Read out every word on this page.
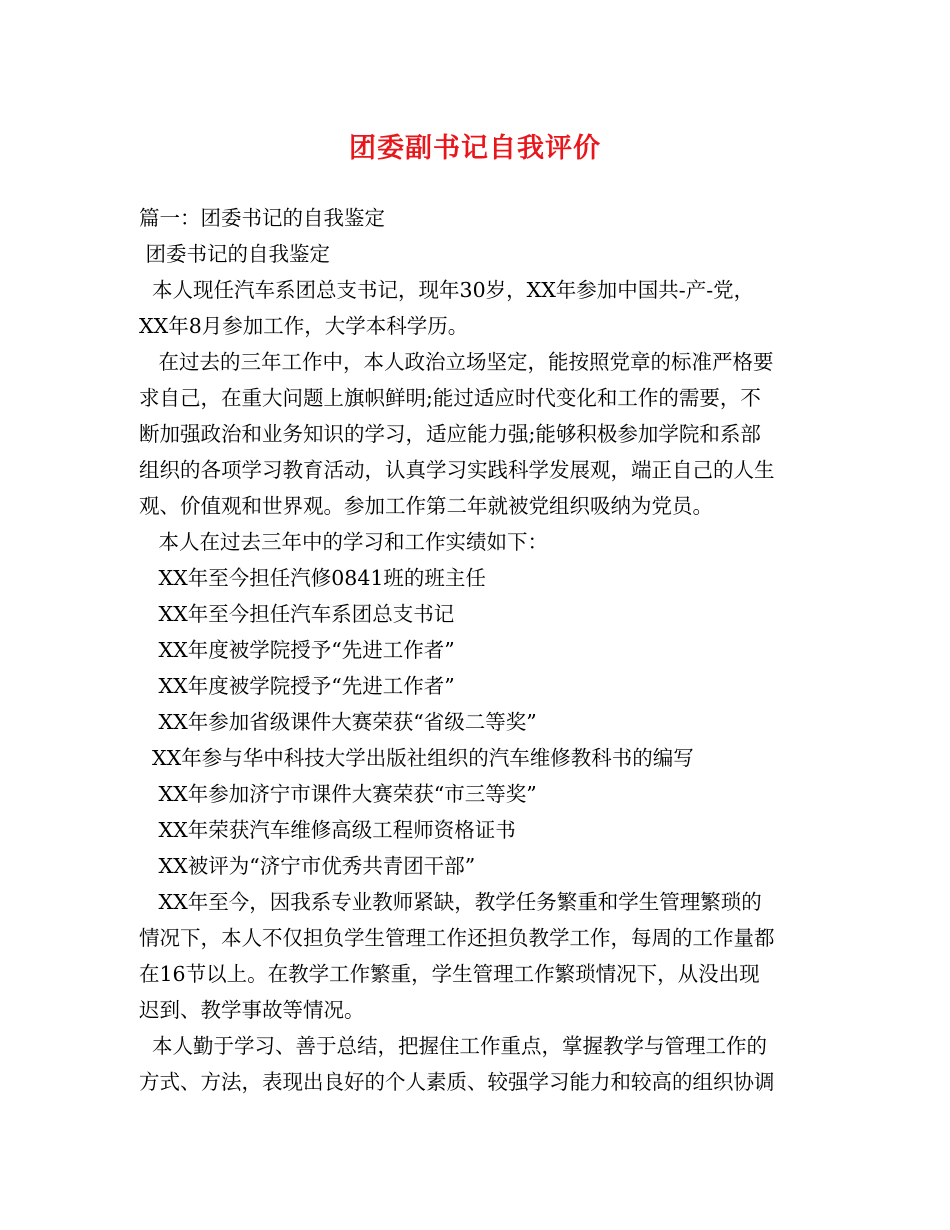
团委副书记自我评价
篇一：团委书记的自我鉴定
团委书记的自我鉴定
本人现任汽车系团总支书记，现年30岁，XX年参加中国共-产-党，
XX年8月参加工作，大学本科学历。
在过去的三年工作中，本人政治立场坚定，能按照党章的标准严格要
求自己，在重大问题上旗帜鲜明;能过适应时代变化和工作的需要，不
断加强政治和业务知识的学习，适应能力强;能够积极参加学院和系部
组织的各项学习教育活动，认真学习实践科学发展观，端正自己的人生
观、价值观和世界观。参加工作第二年就被党组织吸纳为党员。
本人在过去三年中的学习和工作实绩如下：
XX年至今担任汽修0841班的班主任
XX年至今担任汽车系团总支书记
XX年度被学院授予“先进工作者”
XX年度被学院授予“先进工作者”
XX年参加省级课件大赛荣获“省级二等奖”
XX年参与华中科技大学出版社组织的汽车维修教科书的编写
XX年参加济宁市课件大赛荣获“市三等奖”
XX年荣获汽车维修高级工程师资格证书
XX被评为“济宁市优秀共青团干部”
XX年至今，因我系专业教师紧缺，教学任务繁重和学生管理繁琐的
情况下，本人不仅担负学生管理工作还担负教学工作，每周的工作量都
在16节以上。在教学工作繁重，学生管理工作繁琐情况下，从没出现
迟到、教学事故等情况。
本人勤于学习、善于总结，把握住工作重点，掌握教学与管理工作的
方式、方法，表现出良好的个人素质、较强学习能力和较高的组织协调
